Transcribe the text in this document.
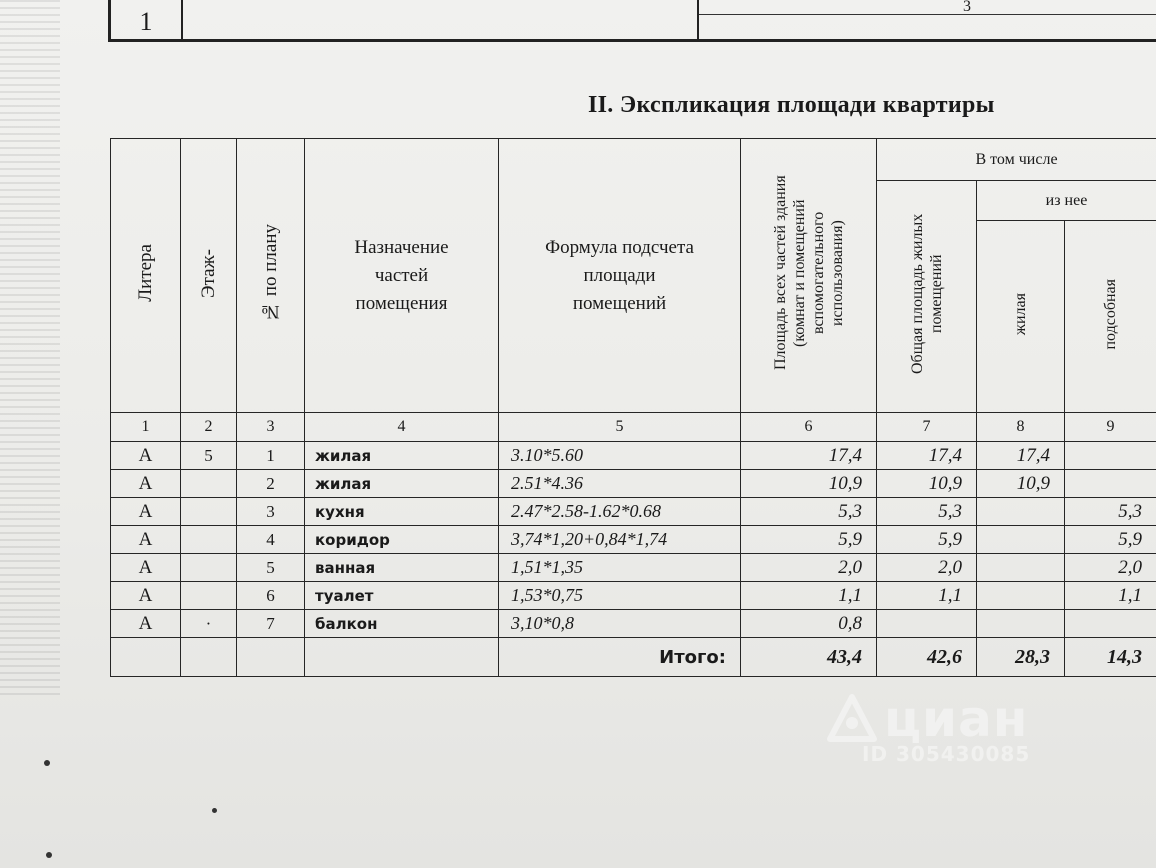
1
3
II. Экспликация площади квартиры
Литера	Этаж-	№ по плану	Назначение частей помещения	Формула подсчета площади помещений	Площадь всех частей здания (комнат и помещений вспомогательного использования)	В том числе		
						Общая площадь жилых помещений	из нее	
							жилая	подсобная
1	2	3	4	5	6	7	8	9
А	5	1	жилая	3.10*5.60	17,4	17,4	17,4	
А		2	жилая	2.51*4.36	10,9	10,9	10,9	
А		3	кухня	2.47*2.58-1.62*0.68	5,3	5,3		5,3
А		4	коридор	3,74*1,20+0,84*1,74	5,9	5,9		5,9
А		5	ванная	1,51*1,35	2,0	2,0		2,0
А		6	туалет	1,53*0,75	1,1	1,1		1,1
А	·	7	балкон	3,10*0,8	0,8			
				Итого:	43,4	42,6	28,3	14,3
циан
ID 305430085
